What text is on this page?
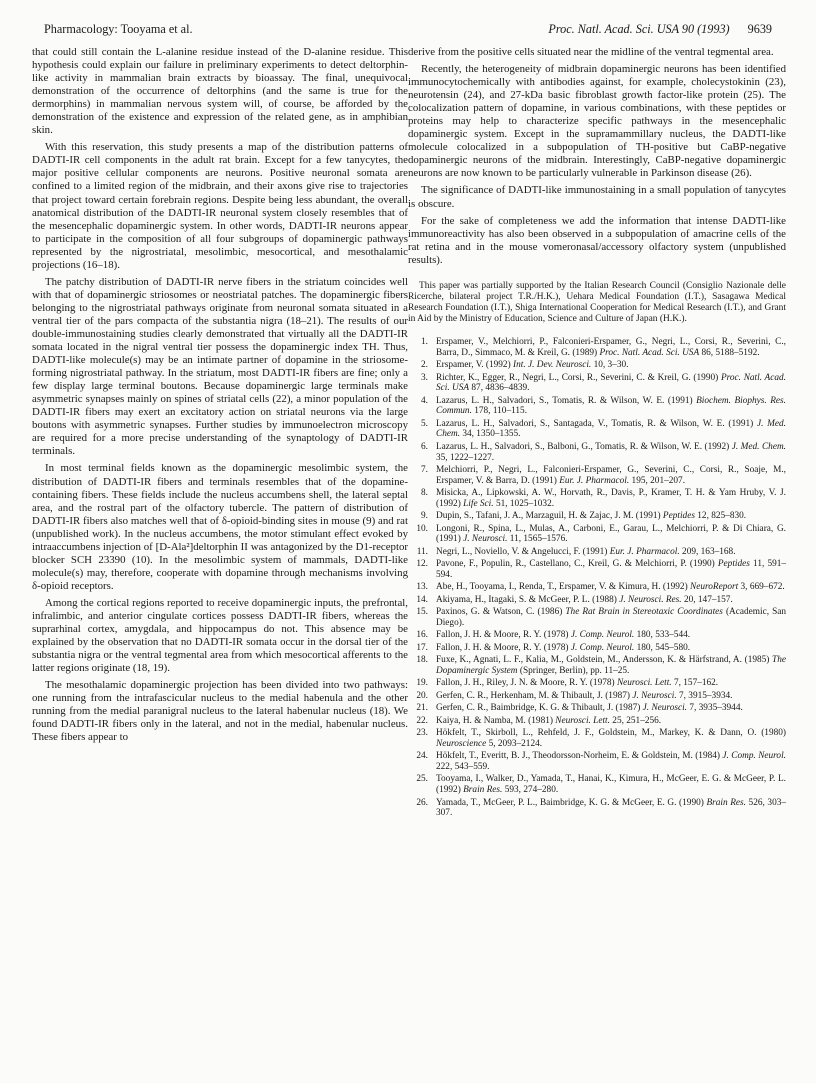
Pharmacology: Tooyama et al.	Proc. Natl. Acad. Sci. USA 90 (1993) 9639

that could still contain the L-alanine residue instead of the D-alanine residue. This hypothesis could explain our failure in preliminary experiments to detect deltorphin-like activity in mammalian brain extracts by bioassay. The final, unequivocal demonstration of the occurrence of deltorphins (and the same is true for the dermorphins) in mammalian nervous system will, of course, be afforded by the demonstration of the existence and expression of the related gene, as in amphibian skin.

With this reservation, this study presents a map of the distribution patterns of DADTI-IR cell components in the adult rat brain. Except for a few tanycytes, the major positive cellular components are neurons. Positive neuronal somata are confined to a limited region of the midbrain, and their axons give rise to trajectories that project toward certain forebrain regions. Despite being less abundant, the overall anatomical distribution of the DADTI-IR neuronal system closely resembles that of the mesencephalic dopaminergic system. In other words, DADTI-IR neurons appear to participate in the composition of all four subgroups of dopaminergic pathways represented by the nigrostriatal, mesolimbic, mesocortical, and mesothalamic projections (16–18).

The patchy distribution of DADTI-IR nerve fibers in the striatum coincides well with that of dopaminergic striosomes or neostriatal patches. The dopaminergic fibers belonging to the nigrostriatal pathways originate from neuronal somata situated in a ventral tier of the pars compacta of the substantia nigra (18–21). The results of our double-immunostaining studies clearly demonstrated that virtually all the DADTI-IR somata located in the nigral ventral tier possess the dopaminergic index TH. Thus, DADTI-like molecule(s) may be an intimate partner of dopamine in the striosome-forming nigrostriatal pathway. In the striatum, most DADTI-IR fibers are fine; only a few display large terminal boutons. Because dopaminergic large terminals make asymmetric synapses mainly on spines of striatal cells (22), a minor population of the DADTI-IR fibers may exert an excitatory action on striatal neurons via the large boutons with asymmetric synapses. Further studies by immunoelectron microscopy are required for a more precise understanding of the synaptology of DADTI-IR terminals.

In most terminal fields known as the dopaminergic mesolimbic system, the distribution of DADTI-IR fibers and terminals resembles that of the dopamine-containing fibers. These fields include the nucleus accumbens shell, the lateral septal area, and the rostral part of the olfactory tubercle. The pattern of distribution of DADTI-IR fibers also matches well that of δ-opioid-binding sites in mouse (9) and rat (unpublished work). In the nucleus accumbens, the motor stimulant effect evoked by intraaccumbens injection of [D-Ala²]deltorphin II was antagonized by the D1-receptor blocker SCH 23390 (10). In the mesolimbic system of mammals, DADTI-like molecule(s) may, therefore, cooperate with dopamine through mechanisms involving δ-opioid receptors.

Among the cortical regions reported to receive dopaminergic inputs, the prefrontal, infralimbic, and anterior cingulate cortices possess DADTI-IR fibers, whereas the suprarhinal cortex, amygdala, and hippocampus do not. This absence may be explained by the observation that no DADTI-IR somata occur in the dorsal tier of the substantia nigra or the ventral tegmental area from which mesocortical afferents to the latter regions originate (18, 19).

The mesothalamic dopaminergic projection has been divided into two pathways: one running from the intrafascicular nucleus to the medial habenula and the other running from the medial paranigral nucleus to the lateral habenular nucleus (18). We found DADTI-IR fibers only in the lateral, and not in the medial, habenular nucleus. These fibers appear to

derive from the positive cells situated near the midline of the ventral tegmental area.

Recently, the heterogeneity of midbrain dopaminergic neurons has been identified immunocytochemically with antibodies against, for example, cholecystokinin (23), neurotensin (24), and 27-kDa basic fibroblast growth factor-like protein (25). The colocalization pattern of dopamine, in various combinations, with these peptides or proteins may help to characterize specific pathways in the mesencephalic dopaminergic system. Except in the supramammillary nucleus, the DADTI-like molecule colocalized in a subpopulation of TH-positive but CaBP-negative dopaminergic neurons of the midbrain. Interestingly, CaBP-negative dopaminergic neurons are now known to be particularly vulnerable in Parkinson disease (26).

The significance of DADTI-like immunostaining in a small population of tanycytes is obscure.

For the sake of completeness we add the information that intense DADTI-like immunoreactivity has also been observed in a subpopulation of amacrine cells of the rat retina and in the mouse vomeronasal/accessory olfactory system (unpublished results).

This paper was partially supported by the Italian Research Council (Consiglio Nazionale delle Ricerche, bilateral project T.R./H.K.), Uehara Medical Foundation (I.T.), Sasagawa Medical Research Foundation (I.T.), Shiga International Cooperation for Medical Research (I.T.), and Grant in Aid by the Ministry of Education, Science and Culture of Japan (H.K.).

1. Erspamer, V., Melchiorri, P., Falconieri-Erspamer, G., Negri, L., Corsi, R., Severini, C., Barra, D., Simmaco, M. & Kreil, G. (1989) Proc. Natl. Acad. Sci. USA 86, 5188–5192.
2. Erspamer, V. (1992) Int. J. Dev. Neurosci. 10, 3–30.
3. Richter, K., Egger, R., Negri, L., Corsi, R., Severini, C. & Kreil, G. (1990) Proc. Natl. Acad. Sci. USA 87, 4836–4839.
4. Lazarus, L. H., Salvadori, S., Tomatis, R. & Wilson, W. E. (1991) Biochem. Biophys. Res. Commun. 178, 110–115.
5. Lazarus, L. H., Salvadori, S., Santagada, V., Tomatis, R. & Wilson, W. E. (1991) J. Med. Chem. 34, 1350–1355.
6. Lazarus, L. H., Salvadori, S., Balboni, G., Tomatis, R. & Wilson, W. E. (1992) J. Med. Chem. 35, 1222–1227.
7. Melchiorri, P., Negri, L., Falconieri-Erspamer, G., Severini, C., Corsi, R., Soaje, M., Erspamer, V. & Barra, D. (1991) Eur. J. Pharmacol. 195, 201–207.
8. Misicka, A., Lipkowski, A. W., Horvath, R., Davis, P., Kramer, T. H. & Yam Hruby, V. J. (1992) Life Sci. 51, 1025–1032.
9. Dupin, S., Tafani, J. A., Marzaguil, H. & Zajac, J. M. (1991) Peptides 12, 825–830.
10. Longoni, R., Spina, L., Mulas, A., Carboni, E., Garau, L., Melchiorri, P. & Di Chiara, G. (1991) J. Neurosci. 11, 1565–1576.
11. Negri, L., Noviello, V. & Angelucci, F. (1991) Eur. J. Pharmacol. 209, 163–168.
12. Pavone, F., Populin, R., Castellano, C., Kreil, G. & Melchiorri, P. (1990) Peptides 11, 591–594.
13. Abe, H., Tooyama, I., Renda, T., Erspamer, V. & Kimura, H. (1992) NeuroReport 3, 669–672.
14. Akiyama, H., Itagaki, S. & McGeer, P. L. (1988) J. Neurosci. Res. 20, 147–157.
15. Paxinos, G. & Watson, C. (1986) The Rat Brain in Stereotaxic Coordinates (Academic, San Diego).
16. Fallon, J. H. & Moore, R. Y. (1978) J. Comp. Neurol. 180, 533–544.
17. Fallon, J. H. & Moore, R. Y. (1978) J. Comp. Neurol. 180, 545–580.
18. Fuxe, K., Agnati, L. F., Kalia, M., Goldstein, M., Andersson, K. & Härfstrand, A. (1985) The Dopaminergic System (Springer, Berlin), pp. 11–25.
19. Fallon, J. H., Riley, J. N. & Moore, R. Y. (1978) Neurosci. Lett. 7, 157–162.
20. Gerfen, C. R., Herkenham, M. & Thibault, J. (1987) J. Neurosci. 7, 3915–3934.
21. Gerfen, C. R., Baimbridge, K. G. & Thibault, J. (1987) J. Neurosci. 7, 3935–3944.
22. Kaiya, H. & Namba, M. (1981) Neurosci. Lett. 25, 251–256.
23. Hökfelt, T., Skirboll, L., Rehfeld, J. F., Goldstein, M., Markey, K. & Dann, O. (1980) Neuroscience 5, 2093–2124.
24. Hökfelt, T., Everitt, B. J., Theodorsson-Norheim, E. & Goldstein, M. (1984) J. Comp. Neurol. 222, 543–559.
25. Tooyama, I., Walker, D., Yamada, T., Hanai, K., Kimura, H., McGeer, E. G. & McGeer, P. L. (1992) Brain Res. 593, 274–280.
26. Yamada, T., McGeer, P. L., Baimbridge, K. G. & McGeer, E. G. (1990) Brain Res. 526, 303–307.
